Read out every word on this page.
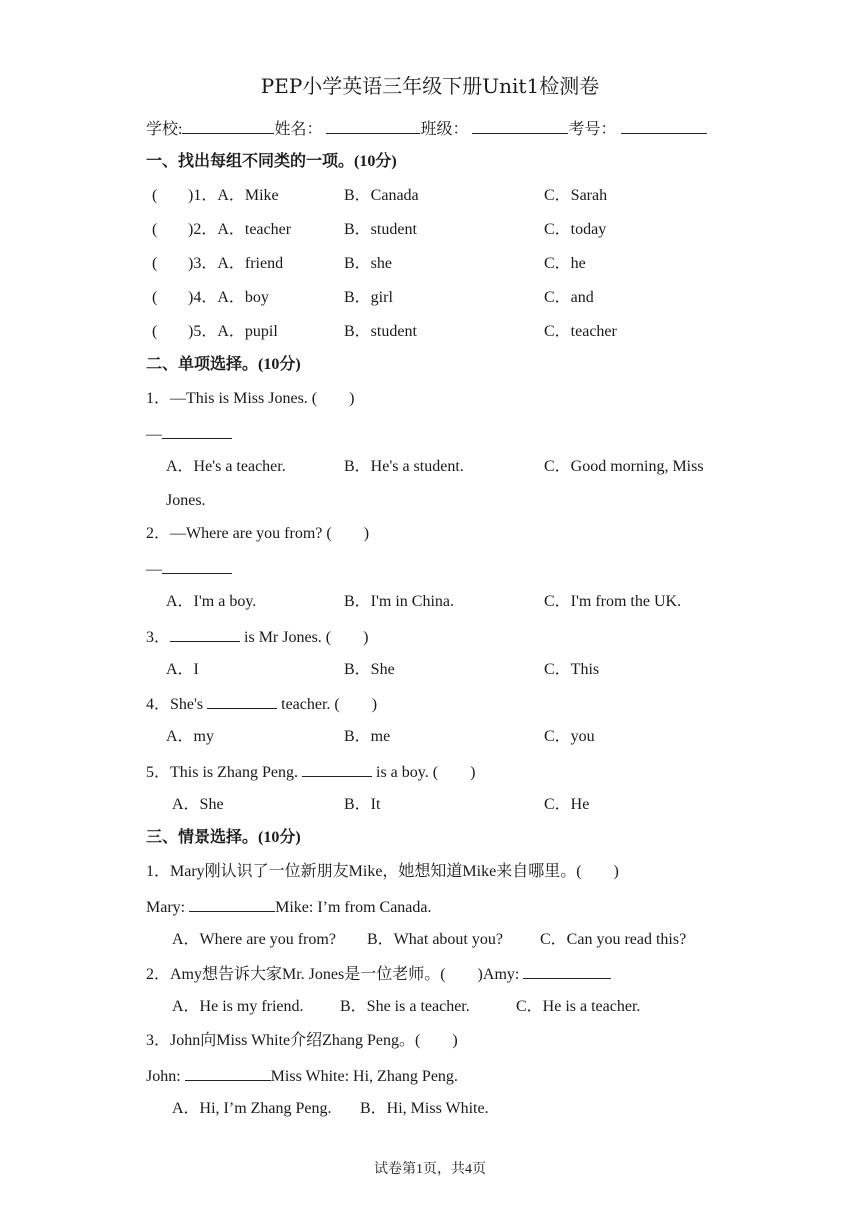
PEP小学英语三年级下册Unit1检测卷
学校:	姓名：	班级：	考号：
一、找出每组不同类的一项。(10分)
( )1．A．Mike	B．Canada	C．Sarah
( )2．A．teacher	B．student	C．today
( )3．A．friend	B．she	C．he
( )4．A．boy	B．girl	C．and
( )5．A．pupil	B．student	C．teacher
二、单项选择。(10分)
1．—This is Miss Jones. (　　)
—
A．He's a teacher.	B．He's a student.	C．Good morning, Miss
Jones.
2．—Where are you from? (　　)
—
A．I'm a boy.	B．I'm in China.	C．I'm from the UK.
3．	is Mr Jones. (　　)
A．I	B．She	C．This
4．She's	teacher. (　　)
A．my	B．me	C．you
5．This is Zhang Peng.	is a boy. (　　)
A．She	B．It	C．He
三、情景选择。(10分)
1．Mary刚认识了一位新朋友Mike，她想知道Mike来自哪里。(　　)
Mary:	Mike: I’m from Canada.
A．Where are you from? B．What about you? C．Can you read this?
2．Amy想告诉大家Mr. Jones是一位老师。(　　)Amy:
A．He is my friend. B．She is a teacher.	C．He is a teacher.
3．John向Miss White介绍Zhang Peng。(　　)
John:	Miss White: Hi, Zhang Peng.
A．Hi, I’m Zhang Peng. B．Hi, Miss White.
试卷第1页，共4页
